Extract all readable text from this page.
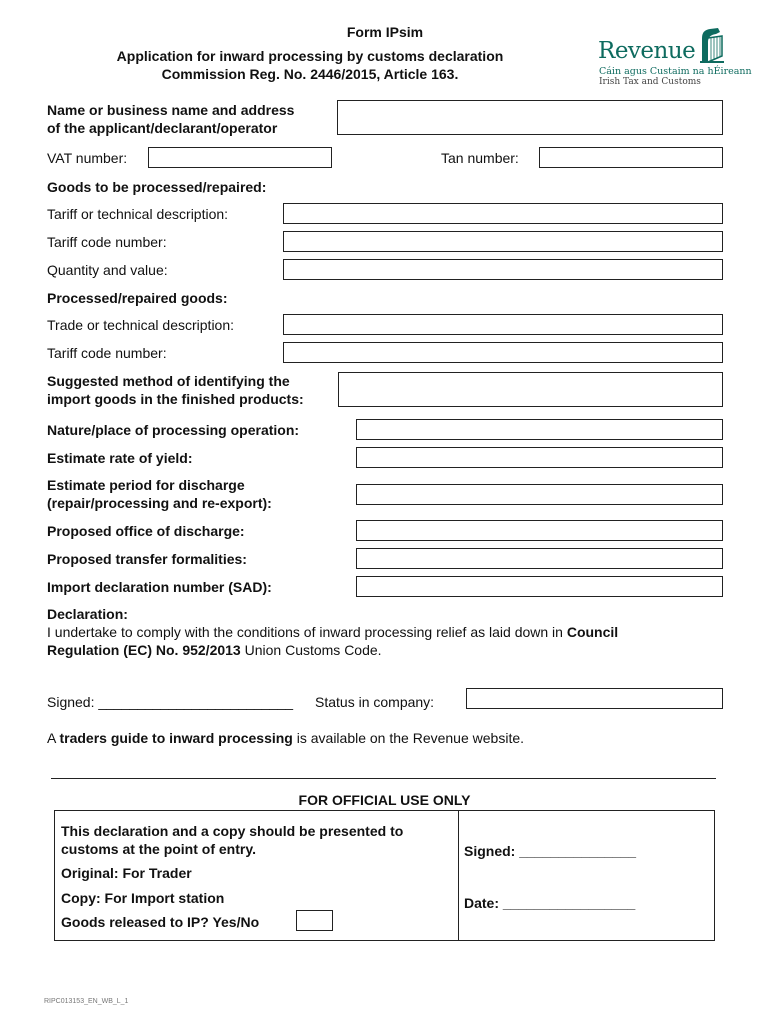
Form IPsim
Application for inward processing by customs declaration
Commission Reg. No. 2446/2015, Article 163.
Revenue
Cáin agus Custaim na hÉireann
Irish Tax and Customs
Name or business name and address
of the applicant/declarant/operator
VAT number:	Tan number:
Goods to be processed/repaired:
Tariff or technical description:
Tariff code number:
Quantity and value:
Processed/repaired goods:
Trade or technical description:
Tariff code number:
Suggested method of identifying the
import goods in the finished products:
Nature/place of processing operation:
Estimate rate of yield:
Estimate period for discharge
(repair/processing and re-export):
Proposed office of discharge:
Proposed transfer formalities:
Import declaration number (SAD):
Declaration:
I undertake to comply with the conditions of inward processing relief as laid down in Council
Regulation (EC) No. 952/2013 Union Customs Code.
Signed: _________________________ Status in company:
A traders guide to inward processing is available on the Revenue website.
FOR OFFICIAL USE ONLY
This declaration and a copy should be presented to
customs at the point of entry.
Original: For Trader
Copy: For Import station
Goods released to IP? Yes/No
Signed: _______________
Date: _________________
RIPC013153_EN_WB_L_1
